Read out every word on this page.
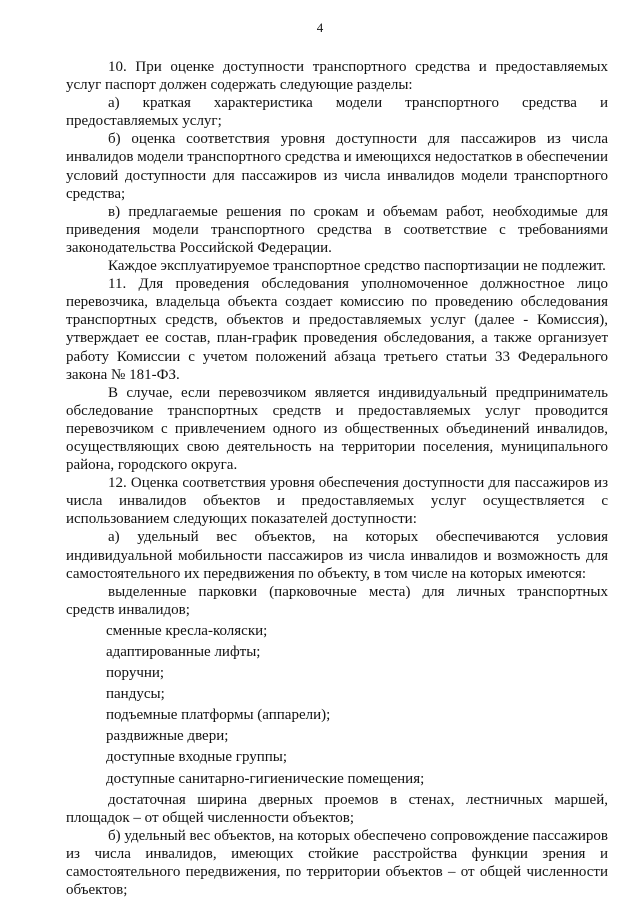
4

10. При оценке доступности транспортного средства и предоставляемых услуг паспорт должен содержать следующие разделы:

а) краткая характеристика модели транспортного средства и предоставляемых услуг;

б) оценка соответствия уровня доступности для пассажиров из числа инвалидов модели транспортного средства и имеющихся недостатков в обеспечении условий доступности для пассажиров из числа инвалидов модели транспортного средства;

в) предлагаемые решения по срокам и объемам работ, необходимые для приведения модели транспортного средства в соответствие с требованиями законодательства Российской Федерации.

Каждое эксплуатируемое транспортное средство паспортизации не подлежит.

11. Для проведения обследования уполномоченное должностное лицо перевозчика, владельца объекта создает комиссию по проведению обследования транспортных средств, объектов и предоставляемых услуг (далее - Комиссия), утверждает ее состав, план-график проведения обследования, а также организует работу Комиссии с учетом положений абзаца третьего статьи 33 Федерального закона № 181-ФЗ.

В случае, если перевозчиком является индивидуальный предприниматель обследование транспортных средств и предоставляемых услуг проводится перевозчиком с привлечением одного из общественных объединений инвалидов, осуществляющих свою деятельность на территории поселения, муниципального района, городского округа.

12. Оценка соответствия уровня обеспечения доступности для пассажиров из числа инвалидов объектов и предоставляемых услуг осуществляется с использованием следующих показателей доступности:

а) удельный вес объектов, на которых обеспечиваются условия индивидуальной мобильности пассажиров из числа инвалидов и возможность для самостоятельного их передвижения по объекту, в том числе на которых имеются:

выделенные парковки (парковочные места) для личных транспортных средств инвалидов;

сменные кресла-коляски;

адаптированные лифты;

поручни;

пандусы;

подъемные платформы (аппарели);

раздвижные двери;

доступные входные группы;

доступные санитарно-гигиенические помещения;

достаточная ширина дверных проемов в стенах, лестничных маршей, площадок – от общей численности объектов;

б) удельный вес объектов, на которых обеспечено сопровождение пассажиров из числа инвалидов, имеющих стойкие расстройства функции зрения и самостоятельного передвижения, по территории объектов – от общей численности объектов;
